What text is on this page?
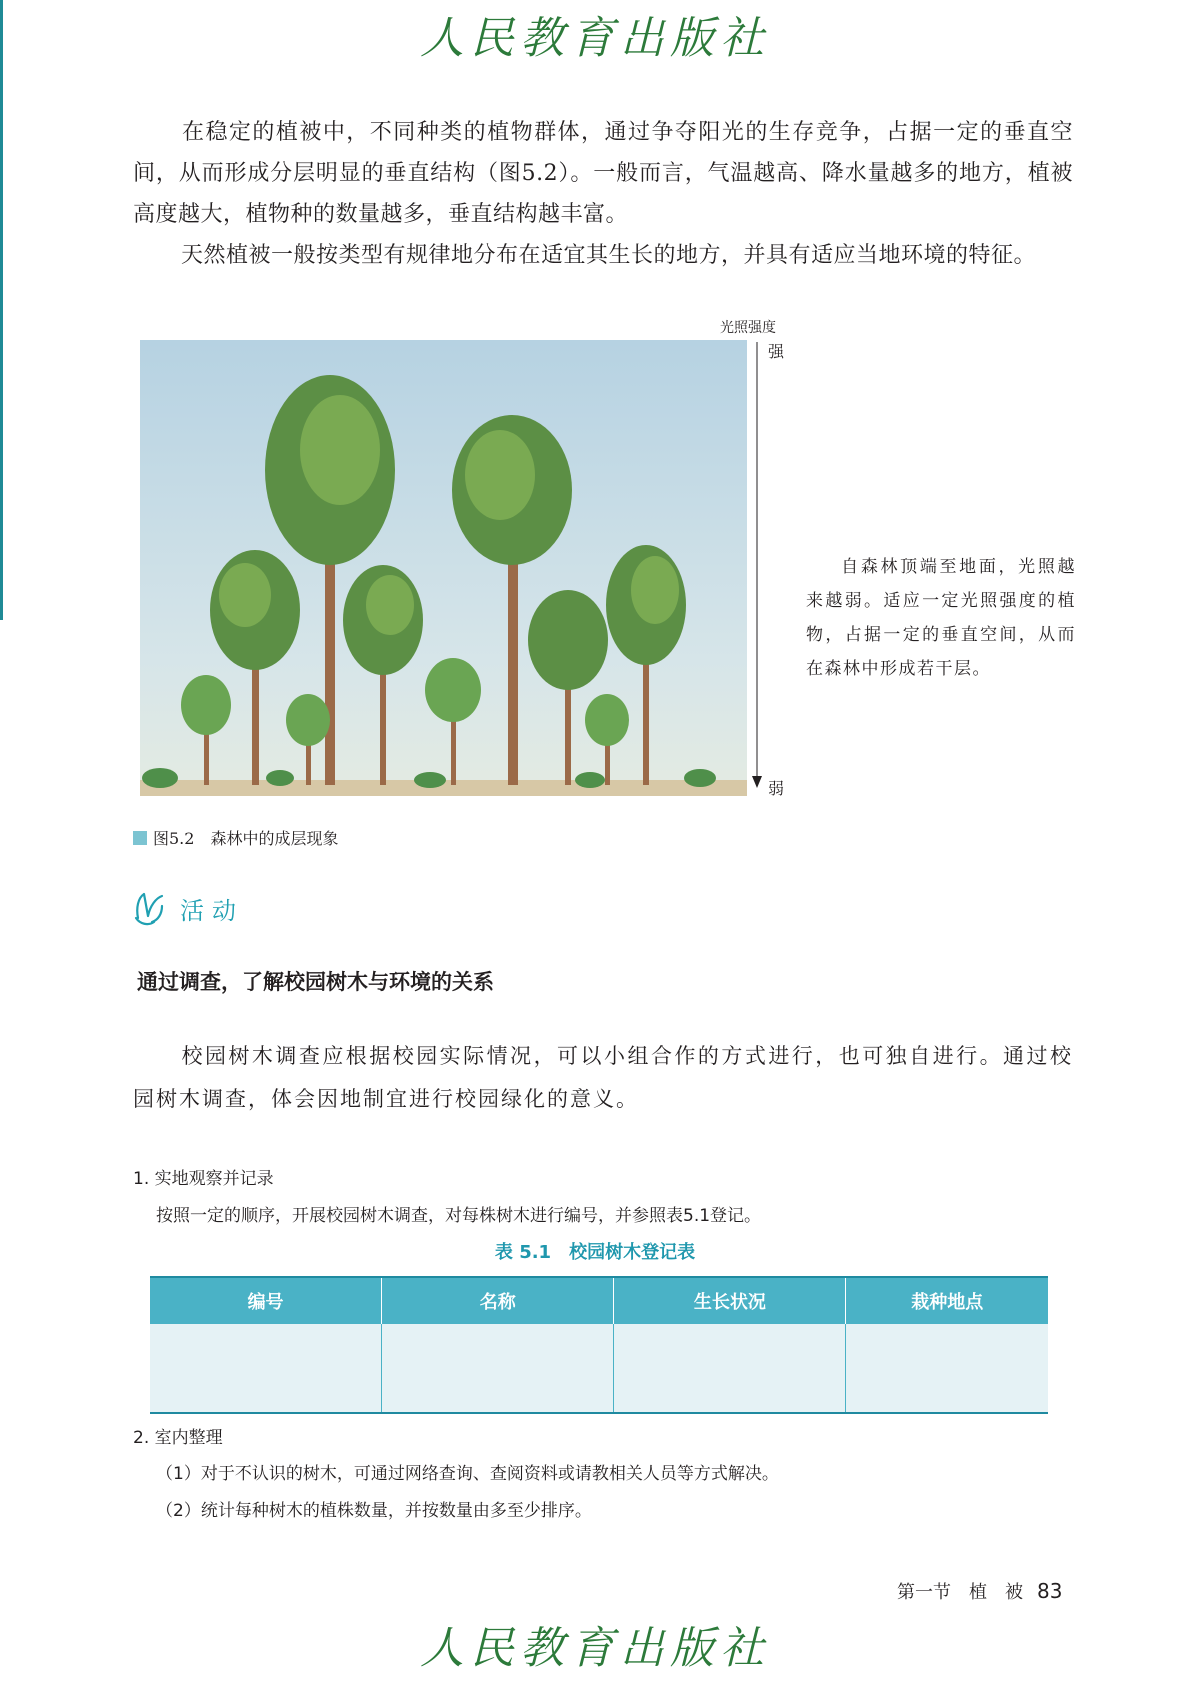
人民教育出版社

在稳定的植被中，不同种类的植物群体，通过争夺阳光的生存竞争，占据一定的垂直空间，从而形成分层明显的垂直结构（图5.2）。一般而言，气温越高、降水量越多的地方，植被高度越大，植物种的数量越多，垂直结构越丰富。

天然植被一般按类型有规律地分布在适宜其生长的地方，并具有适应当地环境的特征。

光照强度
强
弱

自森林顶端至地面，光照越来越弱。适应一定光照强度的植物，占据一定的垂直空间，从而在森林中形成若干层。

图5.2　森林中的成层现象
活动
通过调查，了解校园树木与环境的关系

校园树木调查应根据校园实际情况，可以小组合作的方式进行，也可独自进行。通过校园树木调查，体会因地制宜进行校园绿化的意义。

1. 实地观察并记录
按照一定的顺序，开展校园树木调查，对每株树木进行编号，并参照表5.1登记。
表 5.1　校园树木登记表
编号	名称	生长状况	栽种地点

2. 室内整理
（1）对于不认识的树木，可通过网络查询、查阅资料或请教相关人员等方式解决。
（2）统计每种树木的植株数量，并按数量由多至少排序。
第一节　植　被 83
人民教育出版社
